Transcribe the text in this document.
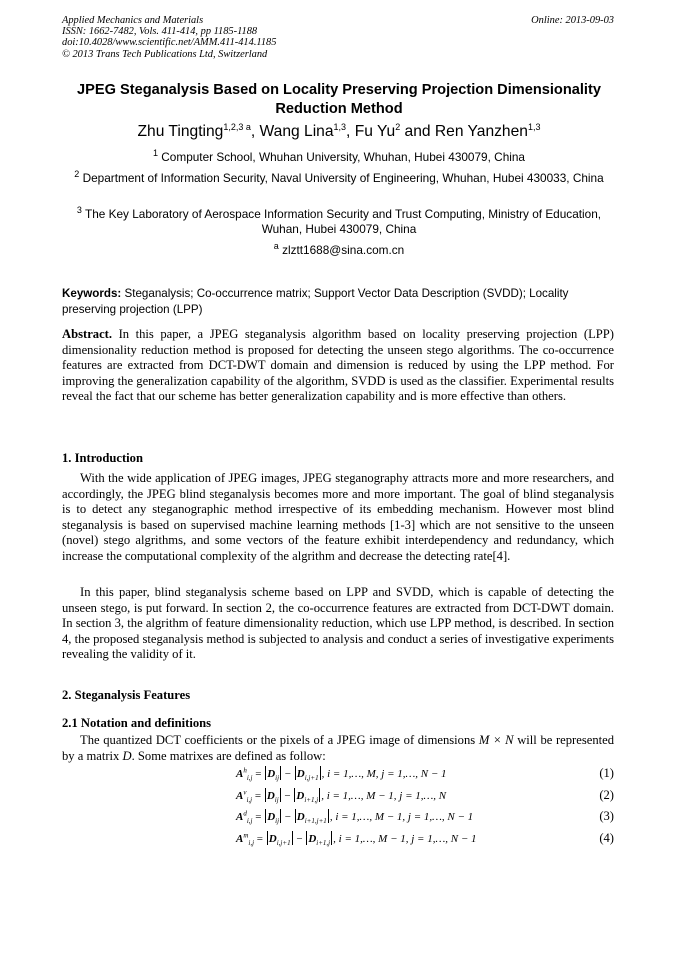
Applied Mechanics and Materials
ISSN: 1662-7482, Vols. 411-414, pp 1185-1188
doi:10.4028/www.scientific.net/AMM.411-414.1185
© 2013 Trans Tech Publications Ltd, Switzerland
Online: 2013-09-03
JPEG Steganalysis Based on Locality Preserving Projection Dimensionality Reduction Method
Zhu Tingting$^{1,2,3 a}$, Wang Lina$^{1,3}$, Fu Yu$^2$ and Ren Yanzhen$^{1,3}$
$^1$ Computer School, Whuhan University, Whuhan, Hubei 430079, China
$^2$ Department of Information Security, Naval University of Engineering, Whuhan, Hubei 430033, China
$^3$ The Key Laboratory of Aerospace Information Security and Trust Computing, Ministry of Education, Wuhan, Hubei 430079, China
$^a$ zlztt1688@sina.com.cn
Keywords: Steganalysis; Co-occurrence matrix; Support Vector Data Description (SVDD); Locality preserving projection (LPP)
Abstract. In this paper, a JPEG steganalysis algorithm based on locality preserving projection (LPP) dimensionality reduction method is proposed for detecting the unseen stego algorithms. The co-occurrence features are extracted from DCT-DWT domain and dimension is reduced by using the LPP method. For improving the generalization capability of the algorithm, SVDD is used as the classifier. Experimental results reveal the fact that our scheme has better generalization capability and is more effective than others.
1. Introduction
With the wide application of JPEG images, JPEG steganography attracts more and more researchers, and accordingly, the JPEG blind steganalysis becomes more and more important. The goal of blind steganalysis is to detect any steganographic method irrespective of its embedding mechanism. However most blind steganalysis is based on supervised machine learning methods [1-3] which are not sensitive to the unseen (novel) stego algrithms, and some vectors of the feature exhibit interdependency and redundancy, which increase the computational complexity of the algrithm and decrease the detecting rate[4].
In this paper, blind steganalysis scheme based on LPP and SVDD, which is capable of detecting the unseen stego, is put forward. In section 2, the co-occurrence features are extracted from DCT-DWT domain. In section 3, the algrithm of feature dimensionality reduction, which use LPP method, is described. In section 4, the proposed steganalysis method is subjected to analysis and conduct a series of investigative experiments revealing the validity of it.
2. Steganalysis Features
2.1 Notation and definitions
The quantized DCT coefficients or the pixels of a JPEG image of dimensions M × N will be represented by a matrix D. Some matrixes are defined as follow:
$A^h_{i,j} = D_{ij} - D_{i,j+1}$ , i = 1,…, M, j = 1,…, N − 1	(1)
$A^v_{i,j} = D_{ij} - D_{i+1,j}$ , i = 1,…, M − 1, j = 1,…, N	(2)
$A^d_{i,j} = D_{ij} - D_{i+1,j+1}$ , i = 1,…, M − 1, j = 1,…, N − 1	(3)
$A^m_{i,j} = D_{i,j+1} - D_{i+1,j}$ , i = 1,…, M − 1, j = 1,…, N − 1	(4)
